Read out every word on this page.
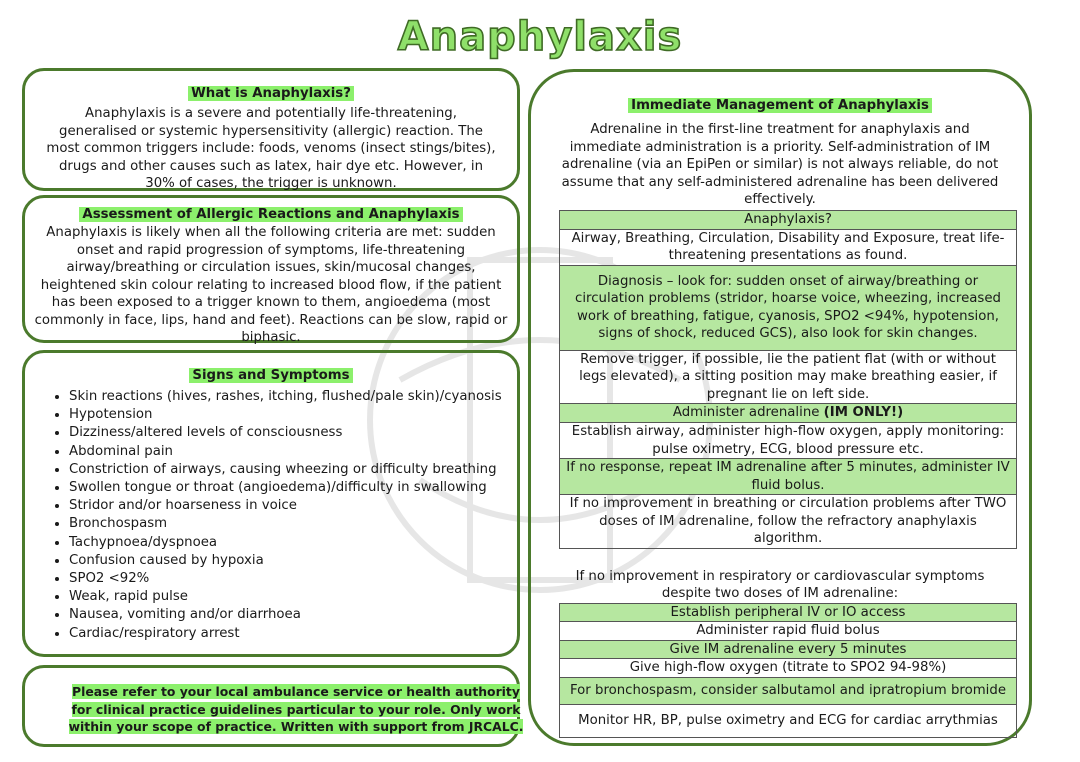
Anaphylaxis
What is Anaphylaxis?
Anaphylaxis is a severe and potentially life-threatening, generalised or systemic hypersensitivity (allergic) reaction. The most common triggers include: foods, venoms (insect stings/bites), drugs and other causes such as latex, hair dye etc. However, in 30% of cases, the trigger is unknown.
Assessment of Allergic Reactions and Anaphylaxis
Anaphylaxis is likely when all the following criteria are met: sudden onset and rapid progression of symptoms, life-threatening airway/breathing or circulation issues, skin/mucosal changes, heightened skin colour relating to increased blood flow, if the patient has been exposed to a trigger known to them, angioedema (most commonly in face, lips, hand and feet). Reactions can be slow, rapid or biphasic.
Signs and Symptoms
• Skin reactions (hives, rashes, itching, flushed/pale skin)/cyanosis
• Hypotension
• Dizziness/altered levels of consciousness
• Abdominal pain
• Constriction of airways, causing wheezing or difficulty breathing
• Swollen tongue or throat (angioedema)/difficulty in swallowing
• Stridor and/or hoarseness in voice
• Bronchospasm
• Tachypnoea/dyspnoea
• Confusion caused by hypoxia
• SPO2 <92%
• Weak, rapid pulse
• Nausea, vomiting and/or diarrhoea
• Cardiac/respiratory arrest
Please refer to your local ambulance service or health authority for clinical practice guidelines particular to your role. Only work within your scope of practice. Written with support from JRCALC.
Immediate Management of Anaphylaxis
Adrenaline in the first-line treatment for anaphylaxis and immediate administration is a priority. Self-administration of IM adrenaline (via an EpiPen or similar) is not always reliable, do not assume that any self-administered adrenaline has been delivered effectively.
Anaphylaxis?
Airway, Breathing, Circulation, Disability and Exposure, treat life-threatening presentations as found.
Diagnosis – look for: sudden onset of airway/breathing or circulation problems (stridor, hoarse voice, wheezing, increased work of breathing, fatigue, cyanosis, SPO2 <94%, hypotension, signs of shock, reduced GCS), also look for skin changes.
Remove trigger, if possible, lie the patient flat (with or without legs elevated), a sitting position may make breathing easier, if pregnant lie on left side.
Administer adrenaline (IM ONLY!)
Establish airway, administer high-flow oxygen, apply monitoring: pulse oximetry, ECG, blood pressure etc.
If no response, repeat IM adrenaline after 5 minutes, administer IV fluid bolus.
If no improvement in breathing or circulation problems after TWO doses of IM adrenaline, follow the refractory anaphylaxis algorithm.
If no improvement in respiratory or cardiovascular symptoms despite two doses of IM adrenaline:
Establish peripheral IV or IO access
Administer rapid fluid bolus
Give IM adrenaline every 5 minutes
Give high-flow oxygen (titrate to SPO2 94-98%)
For bronchospasm, consider salbutamol and ipratropium bromide
Monitor HR, BP, pulse oximetry and ECG for cardiac arrythmias
